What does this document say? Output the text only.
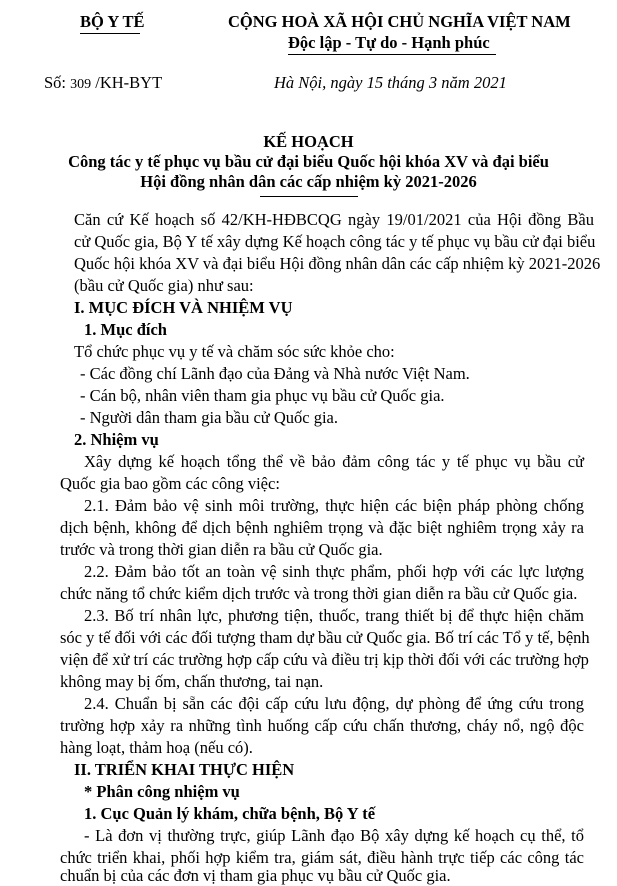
BỘ Y TẾ	CỘNG HOÀ XÃ HỘI CHỦ NGHĨA VIỆT NAM
Độc lập - Tự do - Hạnh phúc
Số: 309 /KH-BYT	Hà Nội, ngày 15 tháng 3 năm 2021
KẾ HOẠCH
Công tác y tế phục vụ bầu cử đại biểu Quốc hội khóa XV và đại biểu
Hội đồng nhân dân các cấp nhiệm kỳ 2021-2026
Căn cứ Kế hoạch số 42/KH-HĐBCQG ngày 19/01/2021 của Hội đồng Bầu
cử Quốc gia, Bộ Y tế xây dựng Kế hoạch công tác y tế phục vụ bầu cử đại biểu
Quốc hội khóa XV và đại biểu Hội đồng nhân dân các cấp nhiệm kỳ 2021-2026
(bầu cử Quốc gia) như sau:
I. MỤC ĐÍCH VÀ NHIỆM VỤ
1. Mục đích
Tổ chức phục vụ y tế và chăm sóc sức khỏe cho:
- Các đồng chí Lãnh đạo của Đảng và Nhà nước Việt Nam.
- Cán bộ, nhân viên tham gia phục vụ bầu cử Quốc gia.
- Người dân tham gia bầu cử Quốc gia.
2. Nhiệm vụ
Xây dựng kế hoạch tổng thể về bảo đảm công tác y tế phục vụ bầu cử
Quốc gia bao gồm các công việc:
2.1. Đảm bảo vệ sinh môi trường, thực hiện các biện pháp phòng chống
dịch bệnh, không để dịch bệnh nghiêm trọng và đặc biệt nghiêm trọng xảy ra
trước và trong thời gian diễn ra bầu cử Quốc gia.
2.2. Đảm bảo tốt an toàn vệ sinh thực phẩm, phối hợp với các lực lượng
chức năng tổ chức kiểm dịch trước và trong thời gian diễn ra bầu cử Quốc gia.
2.3. Bố trí nhân lực, phương tiện, thuốc, trang thiết bị để thực hiện chăm
sóc y tế đối với các đối tượng tham dự bầu cử Quốc gia. Bố trí các Tổ y tế, bệnh
viện để xử trí các trường hợp cấp cứu và điều trị kịp thời đối với các trường hợp
không may bị ốm, chấn thương, tai nạn.
2.4. Chuẩn bị sẵn các đội cấp cứu lưu động, dự phòng để ứng cứu trong
trường hợp xảy ra những tình huống cấp cứu chấn thương, cháy nổ, ngộ độc
hàng loạt, thảm hoạ (nếu có).
II. TRIỂN KHAI THỰC HIỆN
* Phân công nhiệm vụ
1. Cục Quản lý khám, chữa bệnh, Bộ Y tế
- Là đơn vị thường trực, giúp Lãnh đạo Bộ xây dựng kế hoạch cụ thể, tổ
chức triển khai, phối hợp kiểm tra, giám sát, điều hành trực tiếp các công tác
chuẩn bị của các đơn vị tham gia phục vụ bầu cử Quốc gia.
